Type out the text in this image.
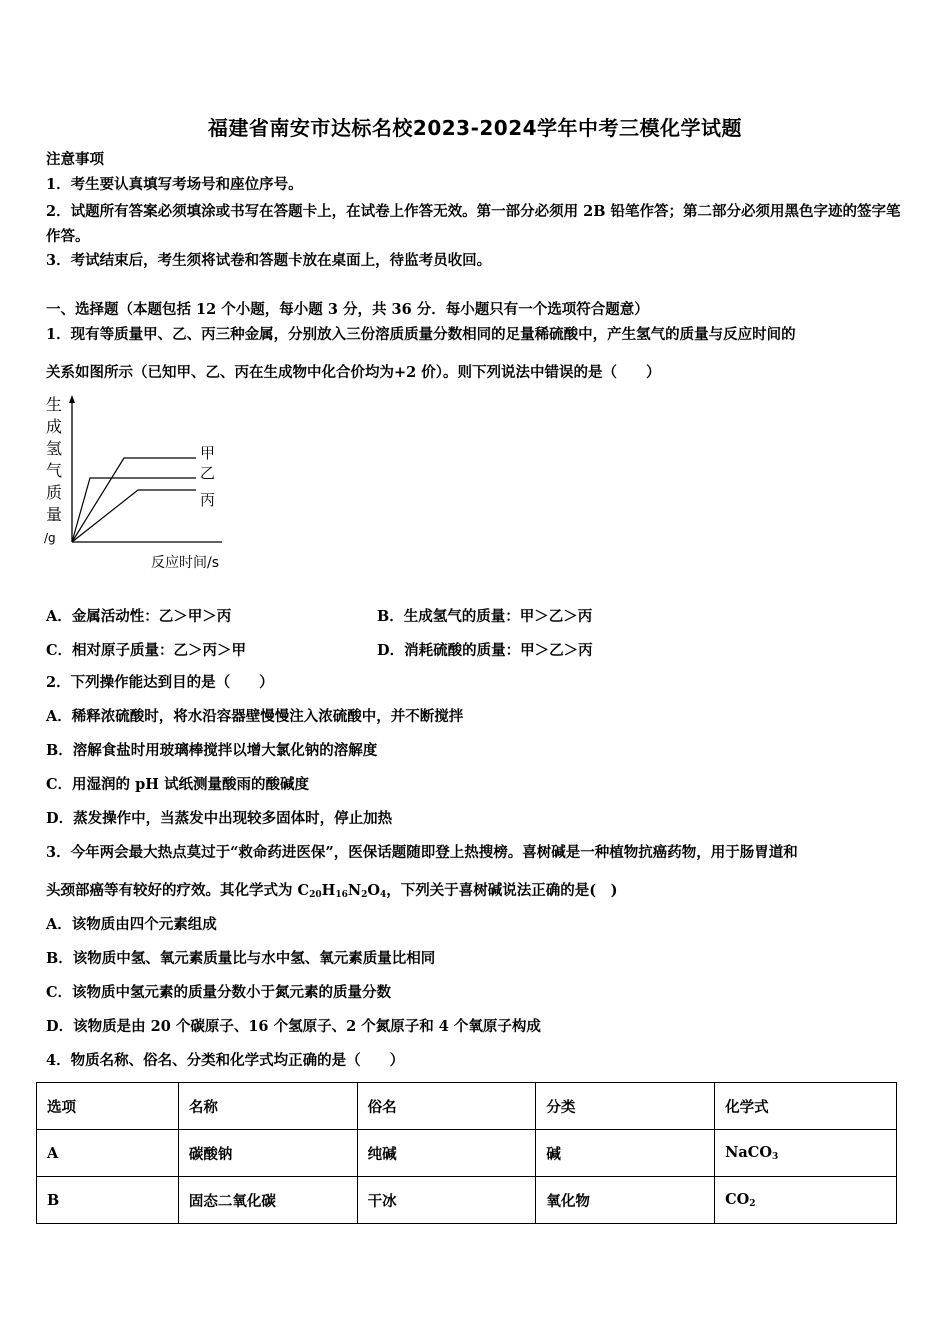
福建省南安市达标名校2023-2024学年中考三模化学试题
注意事项
1．考生要认真填写考场号和座位序号。
2．试题所有答案必须填涂或书写在答题卡上，在试卷上作答无效。第一部分必须用 2B 铅笔作答；第二部分必须用黑色字迹的签字笔作答。
3．考试结束后，考生须将试卷和答题卡放在桌面上，待监考员收回。
一、选择题（本题包括 12 个小题，每小题 3 分，共 36 分．每小题只有一个选项符合题意）
1．现有等质量甲、乙、丙三种金属，分别放入三份溶质质量分数相同的足量稀硫酸中，产生氢气的质量与反应时间的
关系如图所示（已知甲、乙、丙在生成物中化合价均为+2 价）。则下列说法中错误的是（　　）
生
成
氢
气
质
量
/g
甲
乙
丙
反应时间/s
A．金属活动性：乙＞甲＞丙	B．生成氢气的质量：甲＞乙＞丙
C．相对原子质量：乙＞丙＞甲	D．消耗硫酸的质量：甲＞乙＞丙
2．下列操作能达到目的是（　　）
A．稀释浓硫酸时，将水沿容器壁慢慢注入浓硫酸中，并不断搅拌
B．溶解食盐时用玻璃棒搅拌以增大氯化钠的溶解度
C．用湿润的 pH 试纸测量酸雨的酸碱度
D．蒸发操作中，当蒸发中出现较多固体时，停止加热
3．今年两会最大热点莫过于“救命药进医保”，医保话题随即登上热搜榜。喜树碱是一种植物抗癌药物，用于肠胃道和
头颈部癌等有较好的疗效。其化学式为 $C_{20}H_{16}N_2O_4$，下列关于喜树碱说法正确的是(　)
A．该物质由四个元素组成
B．该物质中氢、氧元素质量比与水中氢、氧元素质量比相同
C．该物质中氢元素的质量分数小于氮元素的质量分数
D．该物质是由 20 个碳原子、16 个氢原子、2 个氮原子和 4 个氧原子构成
4．物质名称、俗名、分类和化学式均正确的是（　　）
选项	名称	俗名	分类	化学式
A	碳酸钠	纯碱	碱	NaCO$_3$
B	固态二氧化碳	干冰	氧化物	$CO_2$
